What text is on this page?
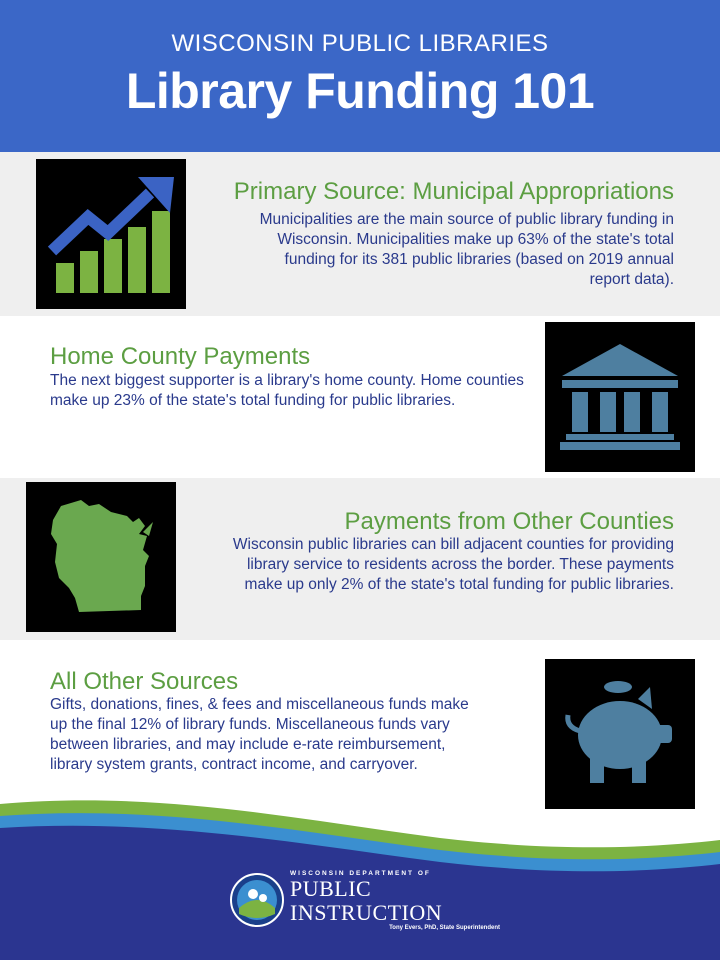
WISCONSIN PUBLIC LIBRARIES
Library Funding 101
Primary Source: Municipal Appropriations
Municipalities are the main source of public library funding in Wisconsin. Municipalities make up 63% of the state's total funding for its 381 public libraries (based on 2019 annual report data).
Home County Payments
The next biggest supporter is a library's home county. Home counties make up 23% of the state's total funding for public libraries.
Payments from Other Counties
Wisconsin public libraries can bill adjacent counties for providing library service to residents across the border. These payments make up only 2% of the state's total funding for public libraries.
All Other Sources
Gifts, donations, fines, & fees and miscellaneous funds make up the final 12% of library funds. Miscellaneous funds vary between libraries, and may include e-rate reimbursement, library system grants, contract income, and carryover.
WISCONSIN DEPARTMENT OF
PUBLIC INSTRUCTION
Tony Evers, PhD, State Superintendent
